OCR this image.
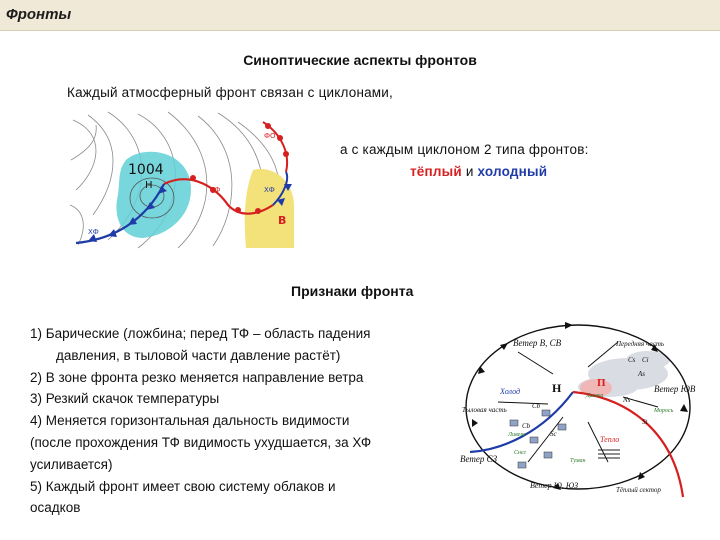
Фронты
Синоптические аспекты фронтов
Каждый атмосферный фронт связан с циклонами,
1004
Н
В
ФО
ТФ
ХФ
ХФ
а с каждым циклоном 2 типа фронтов:
тёплый и холодный
Признаки фронта
1) Барические (ложбина; перед ТФ – область падения
давления, в тыловой части давление растёт)
2) В зоне фронта резко меняется направление ветра
3) Резкий скачок температуры
4) Меняется горизонтальная дальность видимости
(после прохождения ТФ видимость ухудшается, за ХФ
усиливается)
5) Каждый фронт имеет свою систему облаков и
осадков
Ветер В, СВ	Передняя часть
Ветер ЮВ
Холод	Н	П
Тыловая часть
Ветер СЗ
Тепло
Ветер Ю, ЮЗ	Тёплый сектор
Морось
Дымка
Туман
Ливень
Снег
Cs Ci
Cb
Cb
Ns
St
Sc
As
